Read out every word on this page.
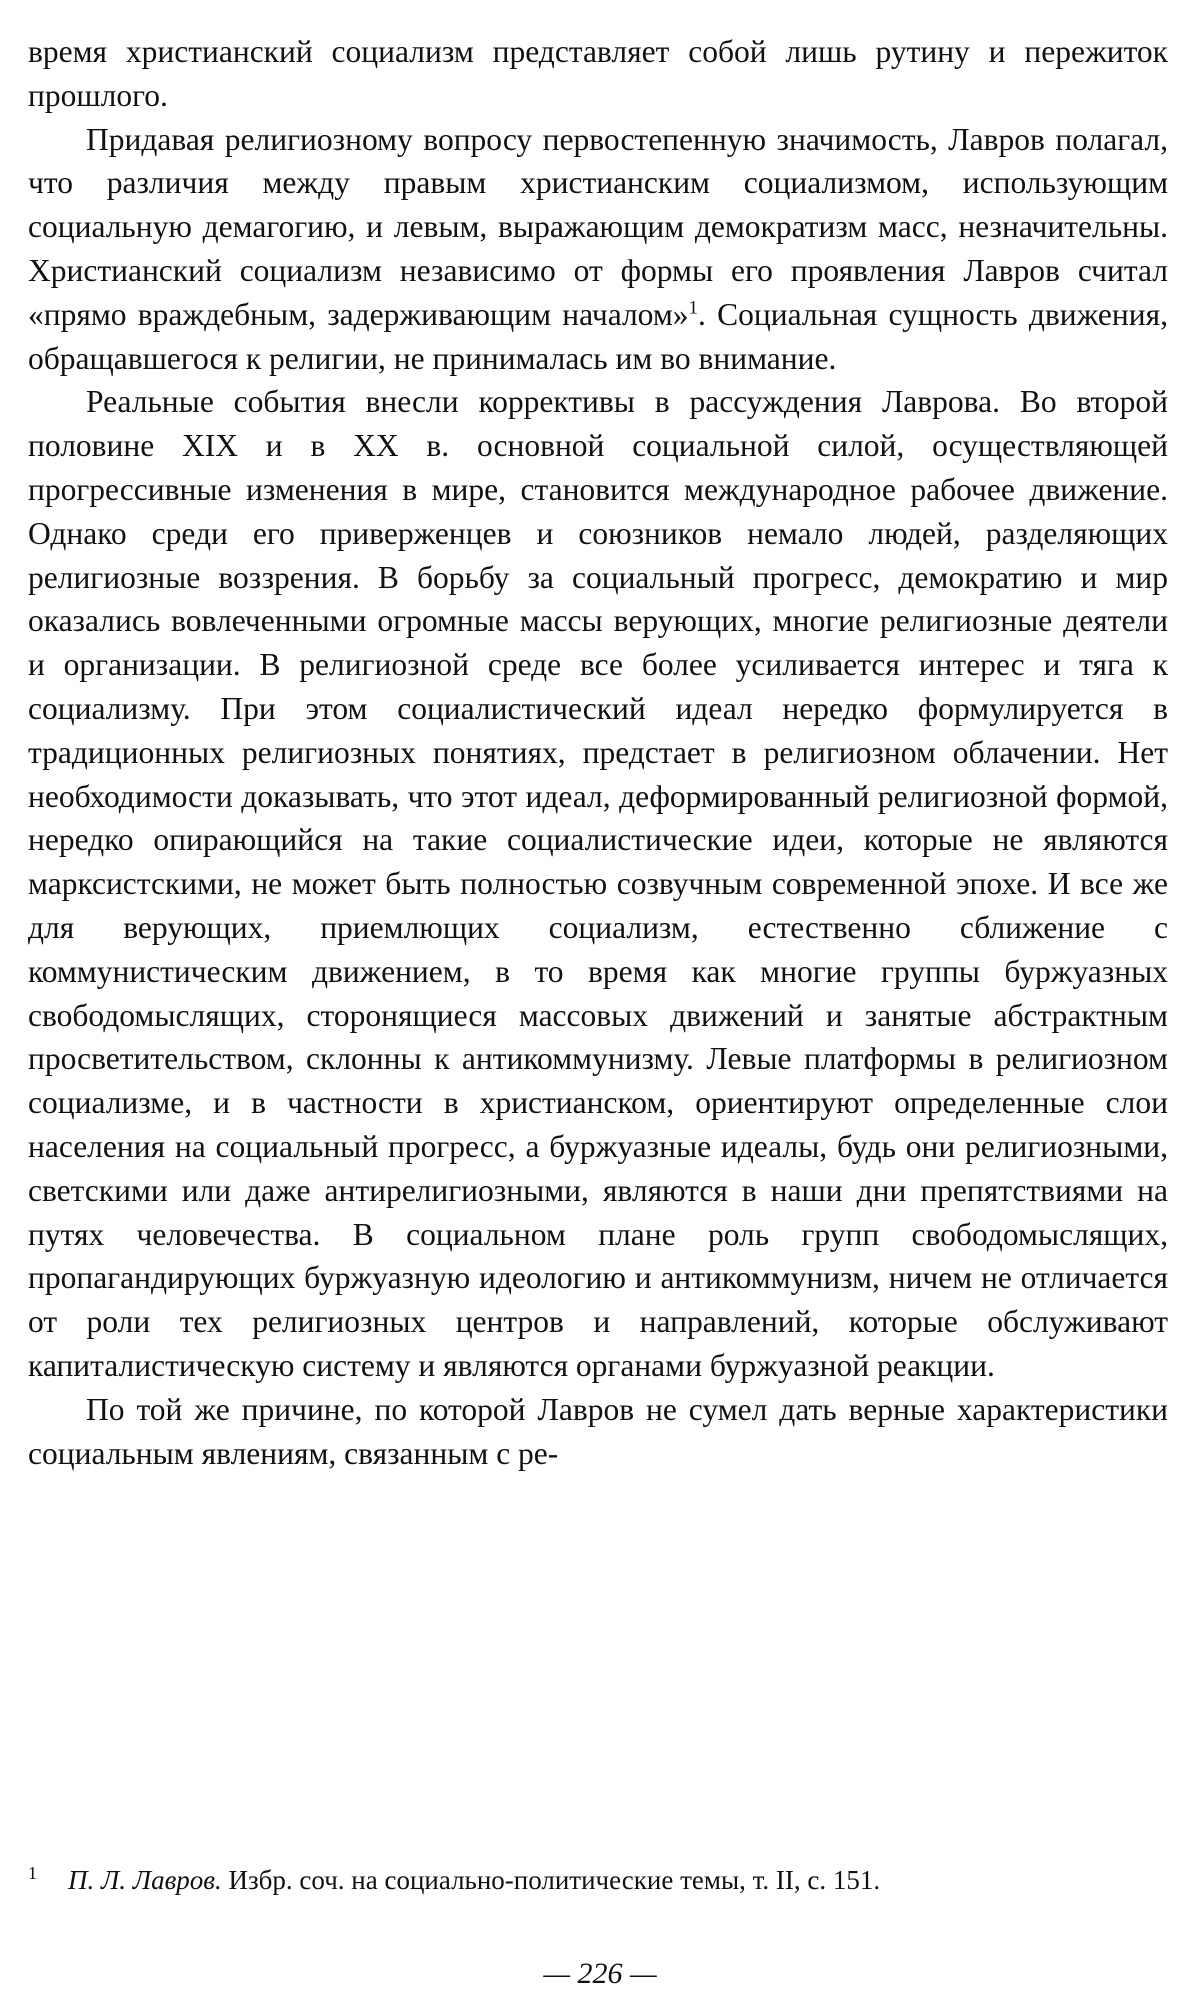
время христианский социализм представляет собой лишь рутину и пережиток прошлого.

Придавая религиозному вопросу первостепенную значимость, Лавров полагал, что различия между правым христианским социализмом, использующим социальную демагогию, и левым, выражающим демократизм масс, незначительны. Христианский социализм независимо от формы его проявления Лавров считал «прямо враждебным, задерживающим началом»$^1$. Социальная сущность движения, обращавшегося к религии, не принималась им во внимание.

Реальные события внесли коррективы в рассуждения Лаврова. Во второй половине XIX и в XX в. основной социальной силой, осуществляющей прогрессивные изменения в мире, становится международное рабочее движение. Однако среди его приверженцев и союзников немало людей, разделяющих религиозные воззрения. В борьбу за социальный прогресс, демократию и мир оказались вовлеченными огромные массы верующих, многие религиозные деятели и организации. В религиозной среде все более усиливается интерес и тяга к социализму. При этом социалистический идеал нередко формулируется в традиционных религиозных понятиях, предстает в религиозном облачении. Нет необходимости доказывать, что этот идеал, деформированный религиозной формой, нередко опирающийся на такие социалистические идеи, которые не являются марксистскими, не может быть полностью созвучным современной эпохе. И все же для верующих, приемлющих социализм, естественно сближение с коммунистическим движением, в то время как многие группы буржуазных свободомыслящих, сторонящиеся массовых движений и занятые абстрактным просветительством, склонны к антикоммунизму. Левые платформы в религиозном социализме, и в частности в христианском, ориентируют определенные слои населения на социальный прогресс, а буржуазные идеалы, будь они религиозными, светскими или даже антирелигиозными, являются в наши дни препятствиями на путях человечества. В социальном плане роль групп свободомыслящих, пропагандирующих буржуазную идеологию и антикоммунизм, ничем не отличается от роли тех религиозных центров и направлений, которые обслуживают капиталистическую систему и являются органами буржуазной реакции.

По той же причине, по которой Лавров не сумел дать верные характеристики социальным явлениям, связанным с ре-

1 П. Л. Лавров. Избр. соч. на социально-политические темы, т. II, с. 151.
— 226 —
